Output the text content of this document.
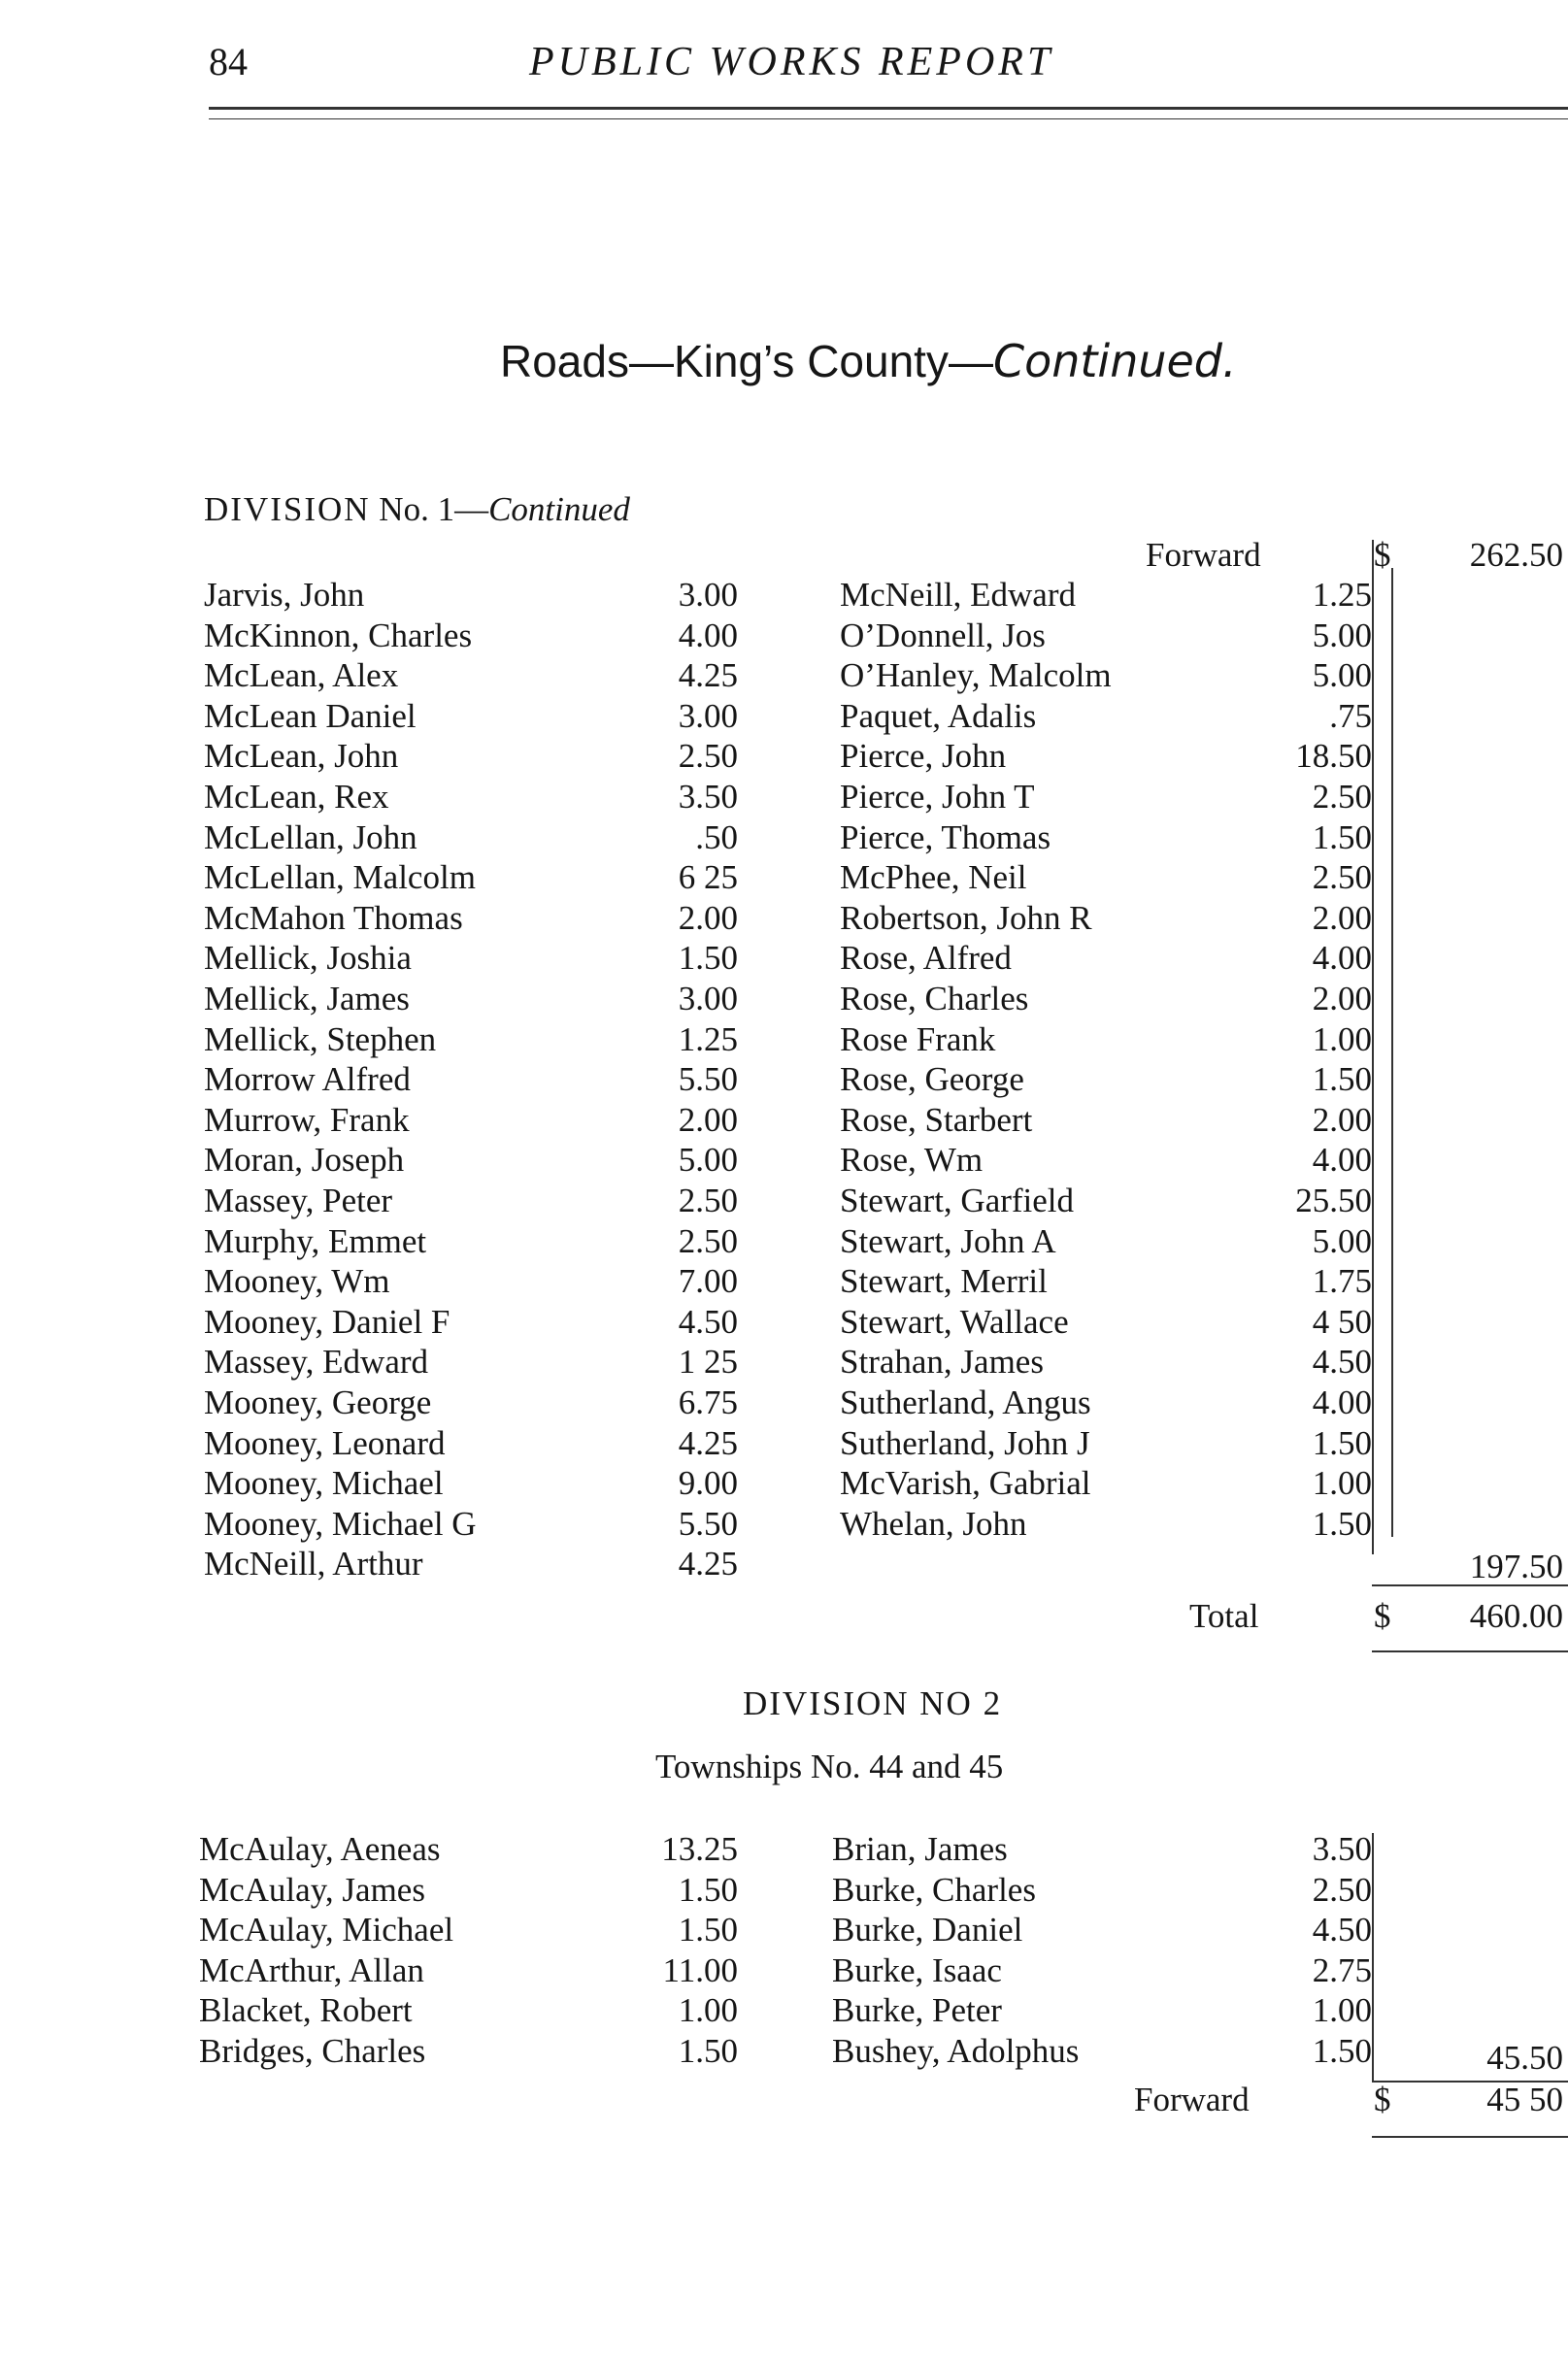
84	PUBLIC WORKS REPORT
Roads—King’s County—Continued.
DIVISION No. 1—Continued
Forward	$	262.50
Jarvis, John	3.00
McKinnon, Charles	4.00
McLean, Alex	4.25
McLean Daniel	3.00
McLean, John	2.50
McLean, Rex	3.50
McLellan, John	.50
McLellan, Malcolm	6 25
McMahon Thomas	2.00
Mellick, Joshia	1.50
Mellick, James	3.00
Mellick, Stephen	1.25
Morrow Alfred	5.50
Murrow, Frank	2.00
Moran, Joseph	5.00
Massey, Peter	2.50
Murphy, Emmet	2.50
Mooney, Wm	7.00
Mooney, Daniel F	4.50
Massey, Edward	1 25
Mooney, George	6.75
Mooney, Leonard	4.25
Mooney, Michael	9.00
Mooney, Michael G	5.50
McNeill, Arthur	4.25
McNeill, Edward	1.25
O’Donnell, Jos	5.00
O’Hanley, Malcolm	5.00
Paquet, Adalis	.75
Pierce, John	18.50
Pierce, John T	2.50
Pierce, Thomas	1.50
McPhee, Neil	2.50
Robertson, John R	2.00
Rose, Alfred	4.00
Rose, Charles	2.00
Rose Frank	1.00
Rose, George	1.50
Rose, Starbert	2.00
Rose, Wm	4.00
Stewart, Garfield	25.50
Stewart, John A	5.00
Stewart, Merril	1.75
Stewart, Wallace	4 50
Strahan, James	4.50
Sutherland, Angus	4.00
Sutherland, John J	1.50
McVarish, Gabrial	1.00
Whelan, John	1.50
197.50
Total	$	460.00
DIVISION NO 2
Townships No. 44 and 45
McAulay, Aeneas	13.25
McAulay, James	1.50
McAulay, Michael	1.50
McArthur, Allan	11.00
Blacket, Robert	1.00
Bridges, Charles	1.50
Brian, James	3.50
Burke, Charles	2.50
Burke, Daniel	4.50
Burke, Isaac	2.75
Burke, Peter	1.00
Bushey, Adolphus	1.50	45.50
Forward	$	45 50
